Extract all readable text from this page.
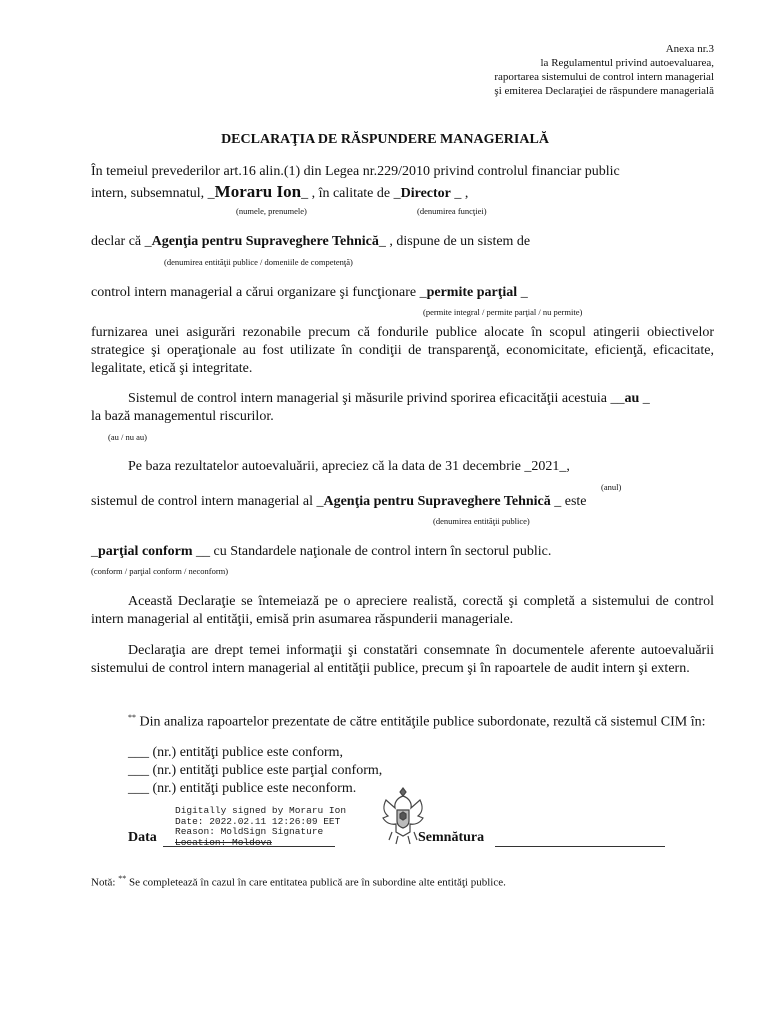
Anexa nr.3
la Regulamentul privind autoevaluarea,
raportarea sistemului de control intern managerial
şi emiterea Declaraţiei de răspundere managerială
DECLARAŢIA DE RĂSPUNDERE MANAGERIALĂ
În temeiul prevederilor art.16 alin.(1) din Legea nr.229/2010 privind controlul financiar public
intern, subsemnatul, _Moraru Ion_ , în calitate de _Director _ ,
(numele, prenumele)	(denumirea funcţiei)
declar că _Agenţia pentru Supraveghere Tehnică_ , dispune de un sistem de
(denumirea entităţii publice / domeniile de competenţă)
control intern managerial a cărui organizare şi funcţionare _permite parţial _
(permite integral / permite parţial / nu permite)
furnizarea unei asigurări rezonabile precum că fondurile publice alocate în scopul atingerii obiectivelor strategice şi operaţionale au fost utilizate în condiţii de transparenţă, economicitate, eficienţă, eficacitate, legalitate, etică şi integritate.
Sistemul de control intern managerial şi măsurile privind sporirea eficacităţii acestuia __au _
la bază managementul riscurilor.
(au / nu au)
Pe baza rezultatelor autoevaluării, apreciez că la data de 31 decembrie _2021_,
(anul)
sistemul de control intern managerial al _Agenţia pentru Supraveghere Tehnică _ este
(denumirea entităţii publice)
_parţial conform __ cu Standardele naţionale de control intern în sectorul public.
(conform / parţial conform / neconform)
Această Declaraţie se întemeiază pe o apreciere realistă, corectă şi completă a sistemului de control intern managerial al entităţii, emisă prin asumarea răspunderii manageriale.
Declaraţia are drept temei informaţii şi constatări consemnate în documentele aferente autoevaluării sistemului de control intern managerial al entităţii publice, precum şi în rapoartele de audit intern şi extern.
** Din analiza rapoartelor prezentate de către entităţile publice subordonate, rezultă că sistemul CIM în:
___ (nr.) entităţi publice este conform,
___ (nr.) entităţi publice este parţial conform,
___ (nr.) entităţi publice este neconform.
Digitally signed by Moraru Ion
Date: 2022.02.11 12:26:09 EET
Reason: MoldSign Signature
Location: Moldova
Data	Semnătura
Notă: ** Se completează în cazul în care entitatea publică are în subordine alte entităţi publice.
